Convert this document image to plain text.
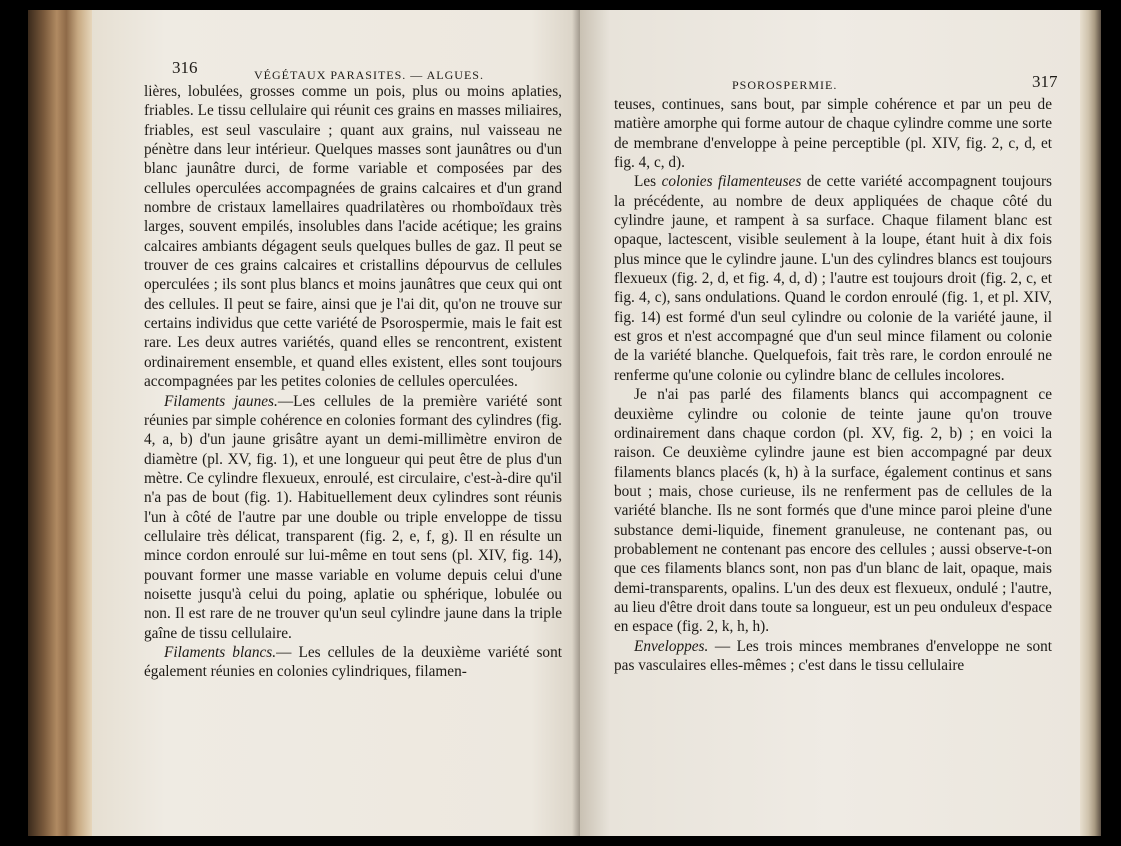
316	VÉGÉTAUX PARASITES. — ALGUES.

lières, lobulées, grosses comme un pois, plus ou moins aplaties, friables. Le tissu cellulaire qui réunit ces grains en masses miliaires, friables, est seul vasculaire ; quant aux grains, nul vaisseau ne pénètre dans leur intérieur. Quelques masses sont jaunâtres ou d'un blanc jaunâtre durci, de forme variable et composées par des cellules operculées accompagnées de grains calcaires et d'un grand nombre de cristaux lamellaires quadrilatères ou rhomboïdaux très larges, souvent empilés, insolubles dans l'acide acétique; les grains calcaires ambiants dégagent seuls quelques bulles de gaz. Il peut se trouver de ces grains calcaires et cristallins dépourvus de cellules operculées ; ils sont plus blancs et moins jaunâtres que ceux qui ont des cellules. Il peut se faire, ainsi que je l'ai dit, qu'on ne trouve sur certains individus que cette variété de Psorospermie, mais le fait est rare. Les deux autres variétés, quand elles se rencontrent, existent ordinairement ensemble, et quand elles existent, elles sont toujours accompagnées par les petites colonies de cellules operculées.

Filaments jaunes.—Les cellules de la première variété sont réunies par simple cohérence en colonies formant des cylindres (fig. 4, a, b) d'un jaune grisâtre ayant un demi-millimètre environ de diamètre (pl. XV, fig. 1), et une longueur qui peut être de plus d'un mètre. Ce cylindre flexueux, enroulé, est circulaire, c'est-à-dire qu'il n'a pas de bout (fig. 1). Habituellement deux cylindres sont réunis l'un à côté de l'autre par une double ou triple enveloppe de tissu cellulaire très délicat, transparent (fig. 2, e, f, g). Il en résulte un mince cordon enroulé sur lui-même en tout sens (pl. XIV, fig. 14), pouvant former une masse variable en volume depuis celui d'une noisette jusqu'à celui du poing, aplatie ou sphérique, lobulée ou non. Il est rare de ne trouver qu'un seul cylindre jaune dans la triple gaîne de tissu cellulaire.

Filaments blancs.— Les cellules de la deuxième variété sont également réunies en colonies cylindriques, filamen-

PSOROSPERMIE.	317

teuses, continues, sans bout, par simple cohérence et par un peu de matière amorphe qui forme autour de chaque cylindre comme une sorte de membrane d'enveloppe à peine perceptible (pl. XIV, fig. 2, c, d, et fig. 4, c, d).

Les colonies filamenteuses de cette variété accompagnent toujours la précédente, au nombre de deux appliquées de chaque côté du cylindre jaune, et rampent à sa surface. Chaque filament blanc est opaque, lactescent, visible seulement à la loupe, étant huit à dix fois plus mince que le cylindre jaune. L'un des cylindres blancs est toujours flexueux (fig. 2, d, et fig. 4, d, d) ; l'autre est toujours droit (fig. 2, c, et fig. 4, c), sans ondulations. Quand le cordon enroulé (fig. 1, et pl. XIV, fig. 14) est formé d'un seul cylindre ou colonie de la variété jaune, il est gros et n'est accompagné que d'un seul mince filament ou colonie de la variété blanche. Quelquefois, fait très rare, le cordon enroulé ne renferme qu'une colonie ou cylindre blanc de cellules incolores.

Je n'ai pas parlé des filaments blancs qui accompagnent ce deuxième cylindre ou colonie de teinte jaune qu'on trouve ordinairement dans chaque cordon (pl. XV, fig. 2, b) ; en voici la raison. Ce deuxième cylindre jaune est bien accompagné par deux filaments blancs placés (k, h) à la surface, également continus et sans bout ; mais, chose curieuse, ils ne renferment pas de cellules de la variété blanche. Ils ne sont formés que d'une mince paroi pleine d'une substance demi-liquide, finement granuleuse, ne contenant pas, ou probablement ne contenant pas encore des cellules ; aussi observe-t-on que ces filaments blancs sont, non pas d'un blanc de lait, opaque, mais demi-transparents, opalins. L'un des deux est flexueux, ondulé ; l'autre, au lieu d'être droit dans toute sa longueur, est un peu onduleux d'espace en espace (fig. 2, k, h, h).

Enveloppes. — Les trois minces membranes d'enveloppe ne sont pas vasculaires elles-mêmes ; c'est dans le tissu cellulaire
